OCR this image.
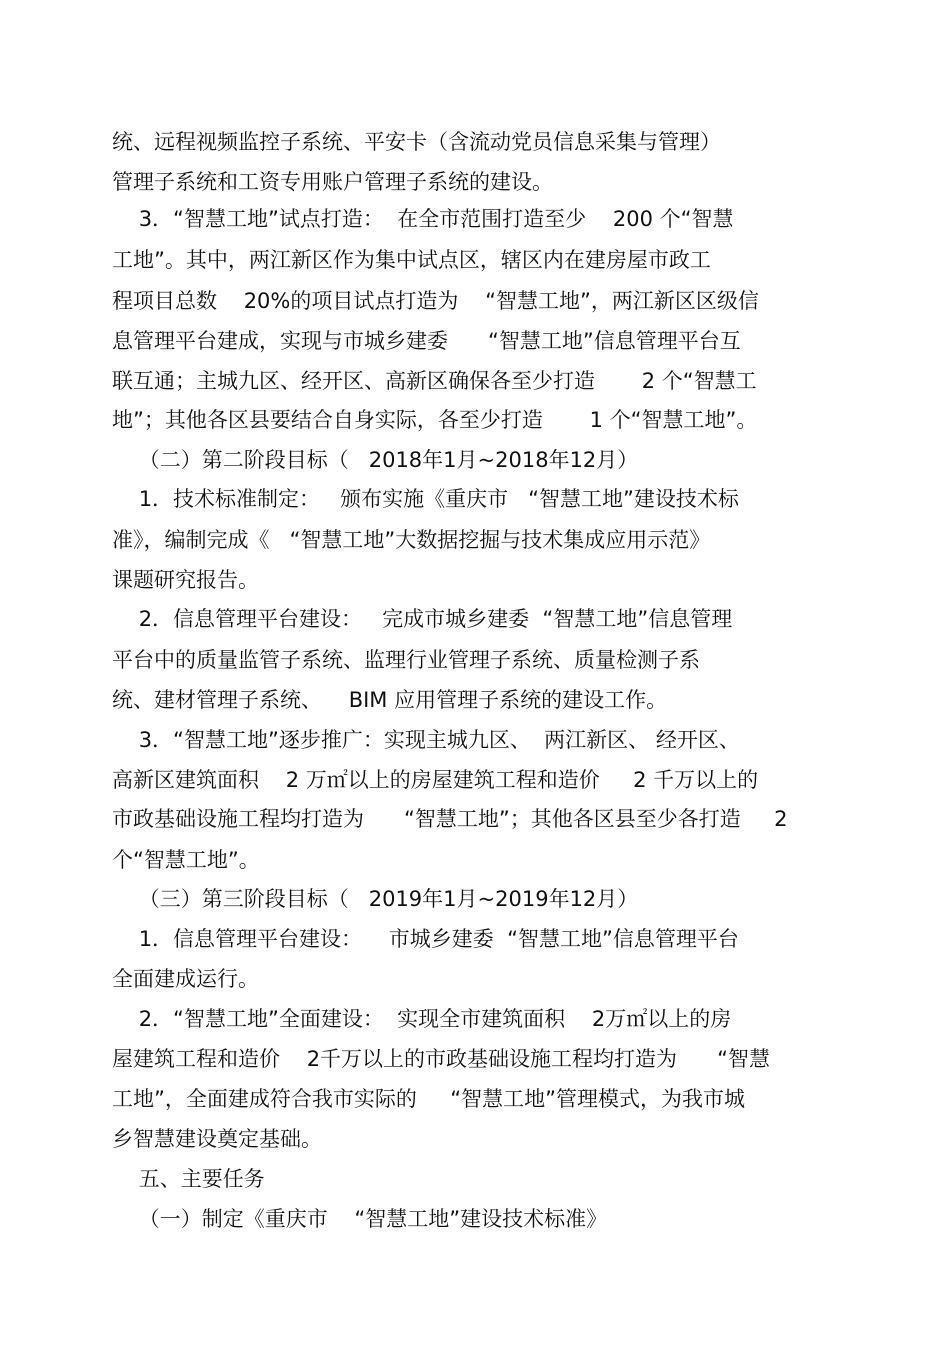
统、远程视频监控子系统、平安卡（含流动党员信息采集与管理）
管理子系统和工资专用账户管理子系统的建设。
3．“智慧工地”试点打造：  在全市范围打造至少    200 个“智慧
工地”。其中，两江新区作为集中试点区，辖区内在建房屋市政工
程项目总数    20%的项目试点打造为    “智慧工地”，两江新区区级信
息管理平台建成，实现与市城乡建委      “智慧工地”信息管理平台互
联互通；主城九区、经开区、高新区确保各至少打造       2 个“智慧工
地”；其他各区县要结合自身实际，各至少打造       1 个“智慧工地”。
（二）第二阶段目标（   2018年1月~2018年12月）
1．技术标准制定：   颁布实施《重庆市   “智慧工地”建设技术标
准》，编制完成《   “智慧工地”大数据挖掘与技术集成应用示范》
课题研究报告。
2．信息管理平台建设：   完成市城乡建委  “智慧工地”信息管理
平台中的质量监管子系统、监理行业管理子系统、质量检测子系
统、建材管理子系统、    BIM 应用管理子系统的建设工作。
3．“智慧工地”逐步推广：实现主城九区、  两江新区、 经开区、
高新区建筑面积    2 万㎡以上的房屋建筑工程和造价     2 千万以上的
市政基础设施工程均打造为      “智慧工地”；其他各区县至少各打造     2
个“智慧工地”。
（三）第三阶段目标（   2019年1月~2019年12月）
1．信息管理平台建设：    市城乡建委  “智慧工地”信息管理平台
全面建成运行。
2．“智慧工地”全面建设：  实现全市建筑面积    2万㎡以上的房
屋建筑工程和造价    2千万以上的市政基础设施工程均打造为      “智慧
工地”，全面建成符合我市实际的     “智慧工地”管理模式，为我市城
乡智慧建设奠定基础。
五、主要任务
（一）制定《重庆市    “智慧工地”建设技术标准》
